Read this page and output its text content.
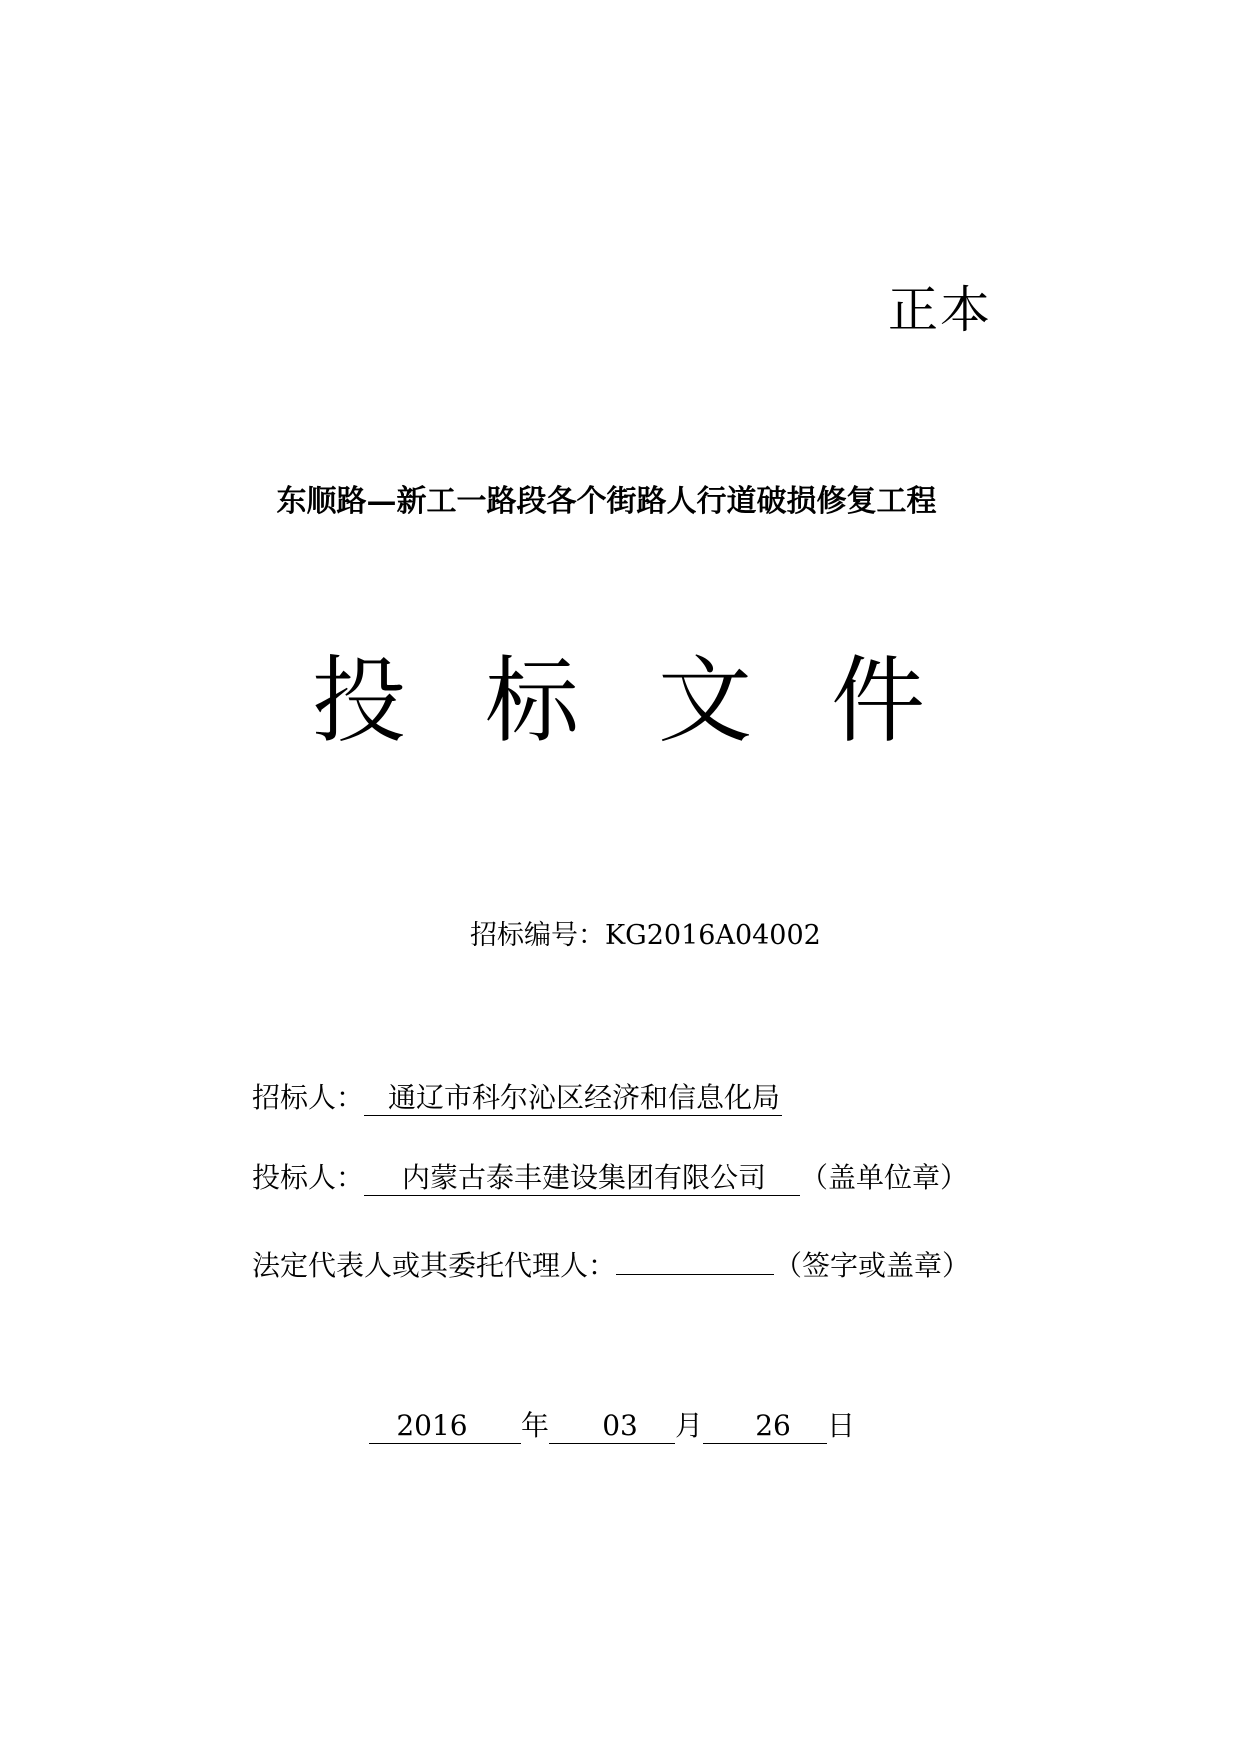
正本
东顺路—新工一路段各个街路人行道破损修复工程
投 标 文 件
招标编号：KG2016A04002
招标人： 通辽市科尔沁区经济和信息化局
投标人： 内蒙古泰丰建设集团有限公司 （盖单位章）
法定代表人或其委托代理人：	（签字或盖章）
2016 年 03 月 26 日
